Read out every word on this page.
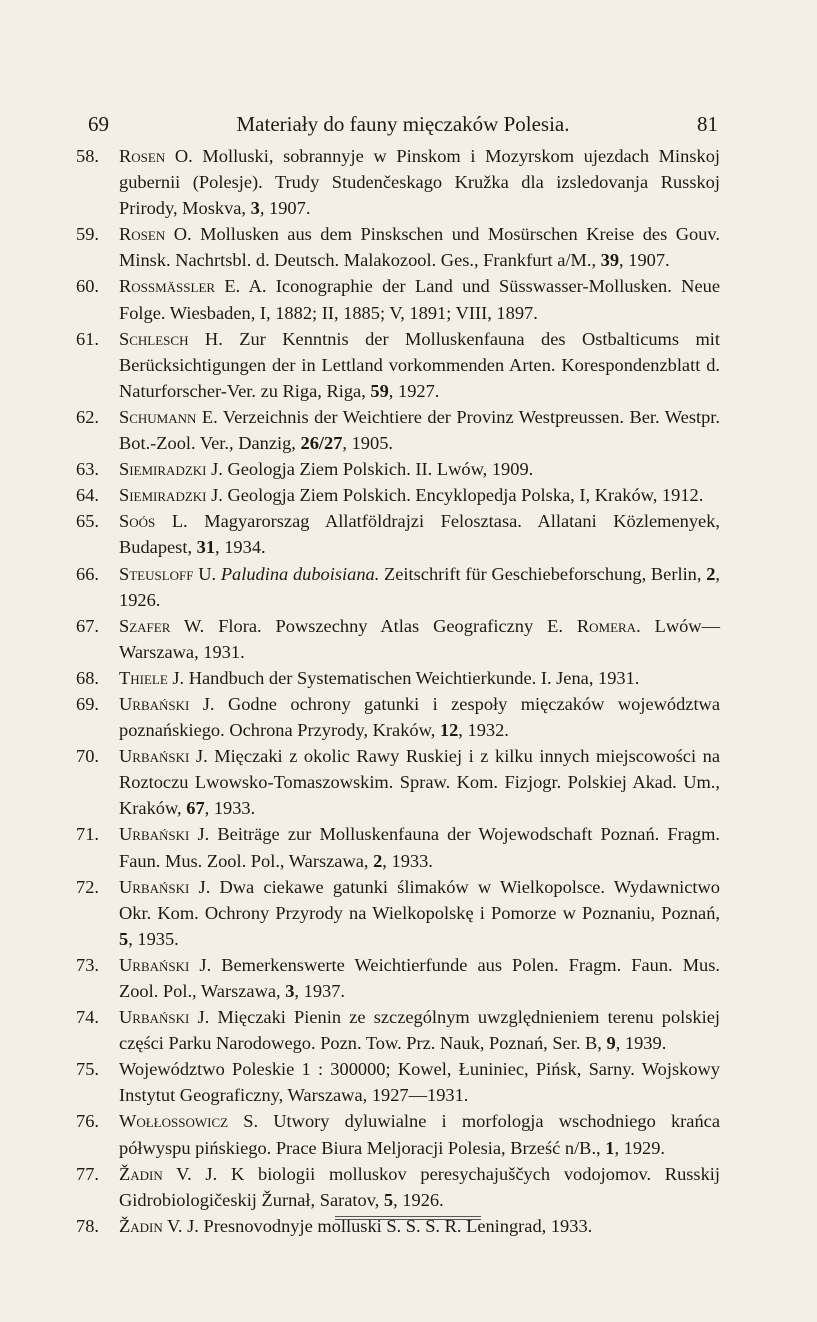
69	Materiały do fauny mięczaków Polesia.	81
58. Rosen O. Molluski, sobrannyje w Pinskom i Mozyrskom ujezdach Minskoj gubernii (Polesje). Trudy Studenčeskago Kružka dla izsledovanja Russkoj Prirody, Moskva, 3, 1907.
59. Rosen O. Mollusken aus dem Pinskschen und Mosürschen Kreise des Gouv. Minsk. Nachrtsbl. d. Deutsch. Malakozool. Ges., Frankfurt a/M., 39, 1907.
60. Rossmässler E. A. Iconographie der Land und Süsswasser-Mollusken. Neue Folge. Wiesbaden, I, 1882; II, 1885; V, 1891; VIII, 1897.
61. Schlesch H. Zur Kenntnis der Molluskenfauna des Ostbalticums mit Berücksichtigungen der in Lettland vorkommenden Arten. Korespondenzblatt d. Naturforscher-Ver. zu Riga, Riga, 59, 1927.
62. Schumann E. Verzeichnis der Weichtiere der Provinz Westpreussen. Ber. Westpr. Bot.-Zool. Ver., Danzig, 26/27, 1905.
63. Siemiradzki J. Geologja Ziem Polskich. II. Lwów, 1909.
64. Siemiradzki J. Geologja Ziem Polskich. Encyklopedja Polska, I, Kraków, 1912.
65. Soós L. Magyarorszag Allatföldrajzi Felosztasa. Allatani Közlemenyek, Budapest, 31, 1934.
66. Steusloff U. Paludina duboisiana. Zeitschrift für Geschiebeforschung, Berlin, 2, 1926.
67. Szafer W. Flora. Powszechny Atlas Geograficzny E. Romera. Lwów—Warszawa, 1931.
68. Thiele J. Handbuch der Systematischen Weichtierkunde. I. Jena, 1931.
69. Urbański J. Godne ochrony gatunki i zespoły mięczaków województwa poznańskiego. Ochrona Przyrody, Kraków, 12, 1932.
70. Urbański J. Mięczaki z okolic Rawy Ruskiej i z kilku innych miejscowości na Roztoczu Lwowsko-Tomaszowskim. Spraw. Kom. Fizjogr. Polskiej Akad. Um., Kraków, 67, 1933.
71. Urbański J. Beiträge zur Molluskenfauna der Wojewodschaft Poznań. Fragm. Faun. Mus. Zool. Pol., Warszawa, 2, 1933.
72. Urbański J. Dwa ciekawe gatunki ślimaków w Wielkopolsce. Wydawnictwo Okr. Kom. Ochrony Przyrody na Wielkopolskę i Pomorze w Poznaniu, Poznań, 5, 1935.
73. Urbański J. Bemerkenswerte Weichtierfunde aus Polen. Fragm. Faun. Mus. Zool. Pol., Warszawa, 3, 1937.
74. Urbański J. Mięczaki Pienin ze szczególnym uwzględnieniem terenu polskiej części Parku Narodowego. Pozn. Tow. Prz. Nauk, Poznań, Ser. B, 9, 1939.
75. Województwo Poleskie 1 : 300000; Kowel, Łuniniec, Pińsk, Sarny. Wojskowy Instytut Geograficzny, Warszawa, 1927—1931.
76. Wołłossowicz S. Utwory dyluwialne i morfologja wschodniego krańca półwyspu pińskiego. Prace Biura Meljoracji Polesia, Brześć n/B., 1, 1929.
77. Žadin V. J. K biologii molluskov peresychajuščych vodojomov. Russkij Gidrobiologičeskij Žurnał, Saratov, 5, 1926.
78. Žadin V. J. Presnovodnyje molluski S. S. S. R. Leningrad, 1933.
